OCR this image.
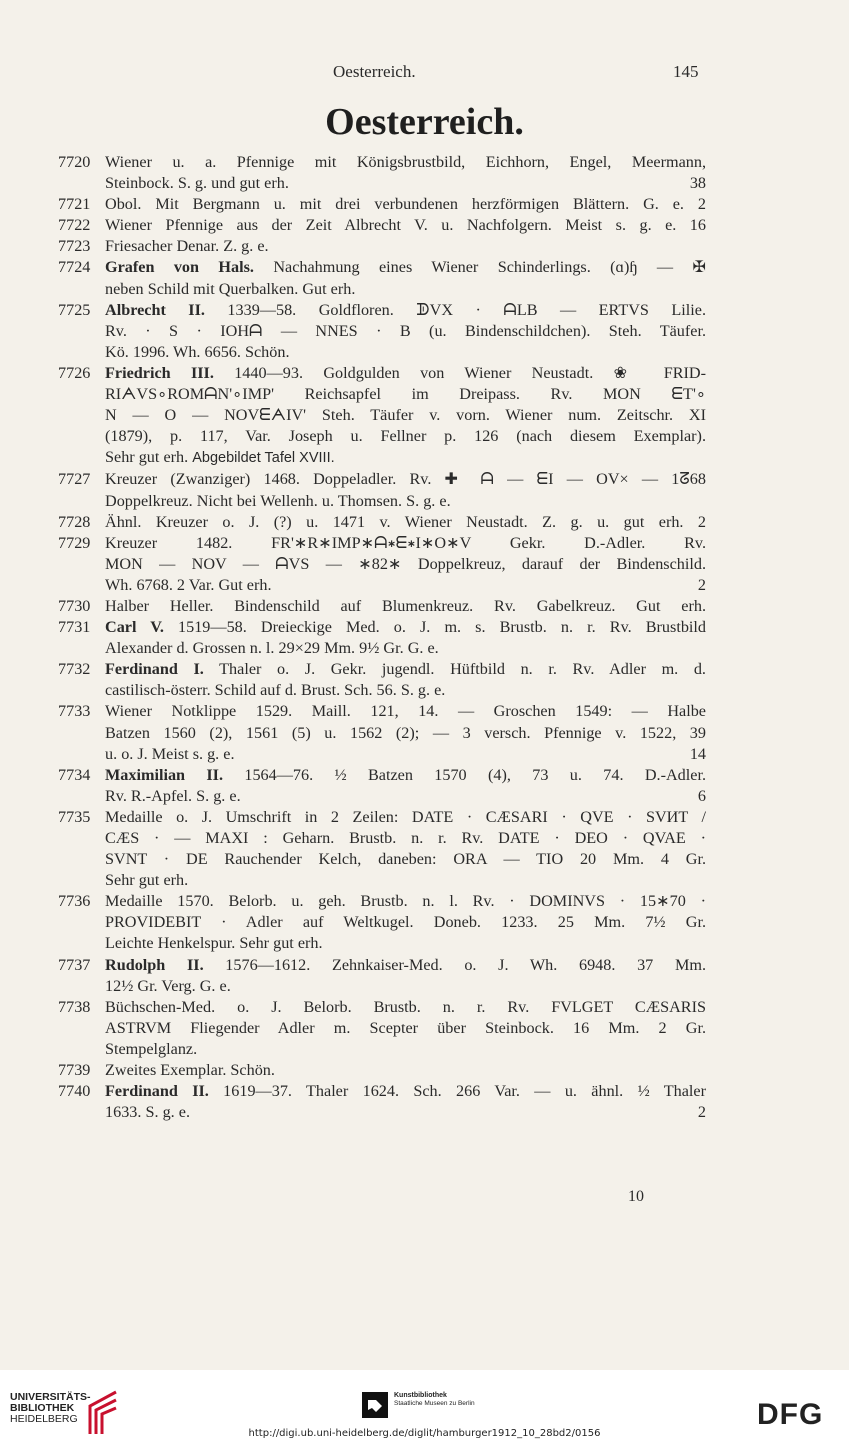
Oesterreich.	145
Oesterreich.
7720 Wiener u. a. Pfennige mit Königsbrustbild, Eichhorn, Engel, Meermann,
Steinbock. S. g. und gut erh.	38
7721 Obol. Mit Bergmann u. mit drei verbundenen herzförmigen Blättern. G. e. 2
7722 Wiener Pfennige aus der Zeit Albrecht V. u. Nachfolgern. Meist s. g. e. 16
7723 Friesacher Denar. Z. g. e.
7724 Grafen von Hals. Nachahmung eines Wiener Schinderlings. (ɑ)ɧ — ✠
neben Schild mit Querbalken. Gut erh.
7725 Albrecht II. 1339—58. Goldfloren. ᗫVX · ᗩLB — ERTVS Lilie.
Rv. · S · IOHᗩ — NNES · B (u. Bindenschildchen). Steh. Täufer.
Kö. 1996. Wh. 6656. Schön.
7726 Friedrich III. 1440—93. Goldgulden von Wiener Neustadt. ❀ FRID-
RIᗅVS∘ROMᗩN'∘IMP' Reichsapfel im Dreipass. Rv. MON ᗴT'∘
N — O — NOVᗴᗅIV' Steh. Täufer v. vorn. Wiener num. Zeitschr. XI
(1879), p. 117, Var. Joseph u. Fellner p. 126 (nach diesem Exemplar).
Sehr gut erh. Abgebildet Tafel XVIII.
7727 Kreuzer (Zwanziger) 1468. Doppeladler. Rv. ✚ ᗩ — ᗴI — OV× — 1ᘔ68
Doppelkreuz. Nicht bei Wellenh. u. Thomsen. S. g. e.
7728 Ähnl. Kreuzer o. J. (?) u. 1471 v. Wiener Neustadt. Z. g. u. gut erh. 2
7729 Kreuzer 1482. FR'∗R∗IMP∗ᗩ∗ᗴ∗I∗O∗V Gekr. D.-Adler. Rv.
MON — NOV — ᗩVS — ∗82∗ Doppelkreuz, darauf der Bindenschild.
Wh. 6768. 2 Var. Gut erh.	2
7730 Halber Heller. Bindenschild auf Blumenkreuz. Rv. Gabelkreuz. Gut erh.
7731 Carl V. 1519—58. Dreieckige Med. o. J. m. s. Brustb. n. r. Rv. Brustbild
Alexander d. Grossen n. l. 29×29 Mm. 9½ Gr. G. e.
7732 Ferdinand I. Thaler o. J. Gekr. jugendl. Hüftbild n. r. Rv. Adler m. d.
castilisch-österr. Schild auf d. Brust. Sch. 56. S. g. e.
7733 Wiener Notklippe 1529. Maill. 121, 14. — Groschen 1549: — Halbe
Batzen 1560 (2), 1561 (5) u. 1562 (2); — 3 versch. Pfennige v. 1522, 39
u. o. J. Meist s. g. e.	14
7734 Maximilian II. 1564—76. ½ Batzen 1570 (4), 73 u. 74. D.-Adler.
Rv. R.-Apfel. S. g. e.	6
7735 Medaille o. J. Umschrift in 2 Zeilen: DATE · CÆSARI · QVE · SVИT /
CÆS · — MAXI : Geharn. Brustb. n. r. Rv. DATE · DEO · QVAE ·
SVNT · DE Rauchender Kelch, daneben: ORA — TIO 20 Mm. 4 Gr.
Sehr gut erh.
7736 Medaille 1570. Belorb. u. geh. Brustb. n. l. Rv. · DOMINVS · 15∗70 ·
PROVIDEBIT · Adler auf Weltkugel. Doneb. 1233. 25 Mm. 7½ Gr.
Leichte Henkelspur. Sehr gut erh.
7737 Rudolph II. 1576—1612. Zehnkaiser-Med. o. J. Wh. 6948. 37 Mm.
12½ Gr. Verg. G. e.
7738 Büchschen-Med. o. J. Belorb. Brustb. n. r. Rv. FVLGET CÆSARIS
ASTRVM Fliegender Adler m. Scepter über Steinbock. 16 Mm. 2 Gr.
Stempelglanz.
7739 Zweites Exemplar. Schön.
7740 Ferdinand II. 1619—37. Thaler 1624. Sch. 266 Var. — u. ähnl. ½ Thaler
1633. S. g. e.	2
10
UNIVERSITÄTS-
BIBLIOTHEK
HEIDELBERG
Kunstbibliothek
Staatliche Museen zu Berlin	DFG
http://digi.ub.uni-heidelberg.de/diglit/hamburger1912_10_28bd2/0156
